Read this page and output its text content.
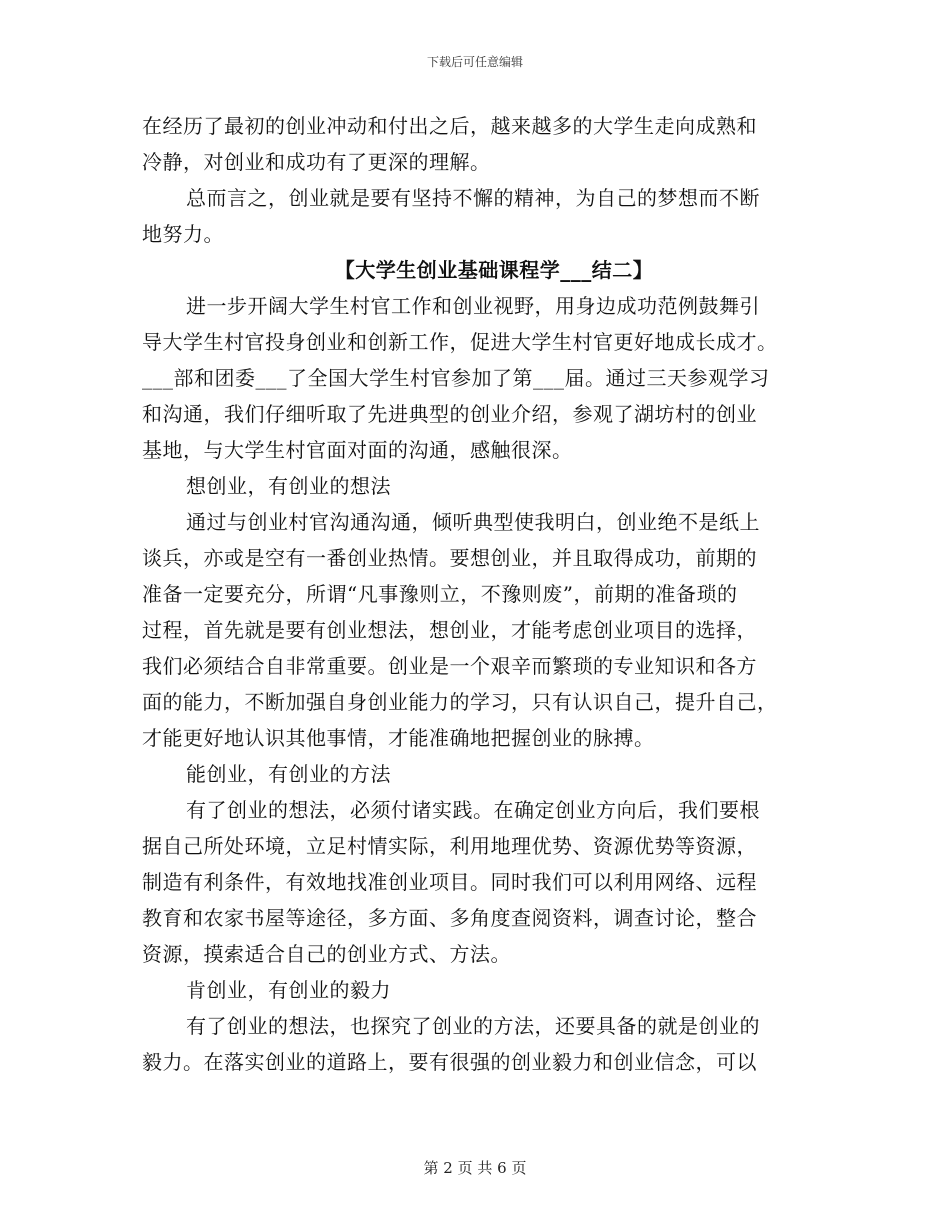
下载后可任意编辑
在经历了最初的创业冲动和付出之后，越来越多的大学生走向成熟和
冷静，对创业和成功有了更深的理解。
总而言之，创业就是要有坚持不懈的精神，为自己的梦想而不断
地努力。
【大学生创业基础课程学___结二】
进一步开阔大学生村官工作和创业视野，用身边成功范例鼓舞引
导大学生村官投身创业和创新工作，促进大学生村官更好地成长成才。
___部和团委___了全国大学生村官参加了第___届。通过三天参观学习
和沟通，我们仔细听取了先进典型的创业介绍，参观了湖坊村的创业
基地，与大学生村官面对面的沟通，感触很深。
想创业，有创业的想法
通过与创业村官沟通沟通，倾听典型使我明白，创业绝不是纸上
谈兵，亦或是空有一番创业热情。要想创业，并且取得成功，前期的
准备一定要充分，所谓“凡事豫则立，不豫则废”，前期的准备琐的
过程，首先就是要有创业想法，想创业，才能考虑创业项目的选择，
我们必须结合自非常重要。创业是一个艰辛而繁琐的专业知识和各方
面的能力，不断加强自身创业能力的学习，只有认识自己，提升自己，
才能更好地认识其他事情，才能准确地把握创业的脉搏。
能创业，有创业的方法
有了创业的想法，必须付诸实践。在确定创业方向后，我们要根
据自己所处环境，立足村情实际，利用地理优势、资源优势等资源，
制造有利条件，有效地找准创业项目。同时我们可以利用网络、远程
教育和农家书屋等途径，多方面、多角度查阅资料，调查讨论，整合
资源，摸索适合自己的创业方式、方法。
肯创业，有创业的毅力
有了创业的想法，也探究了创业的方法，还要具备的就是创业的
毅力。在落实创业的道路上，要有很强的创业毅力和创业信念，可以
第 2 页 共 6 页
